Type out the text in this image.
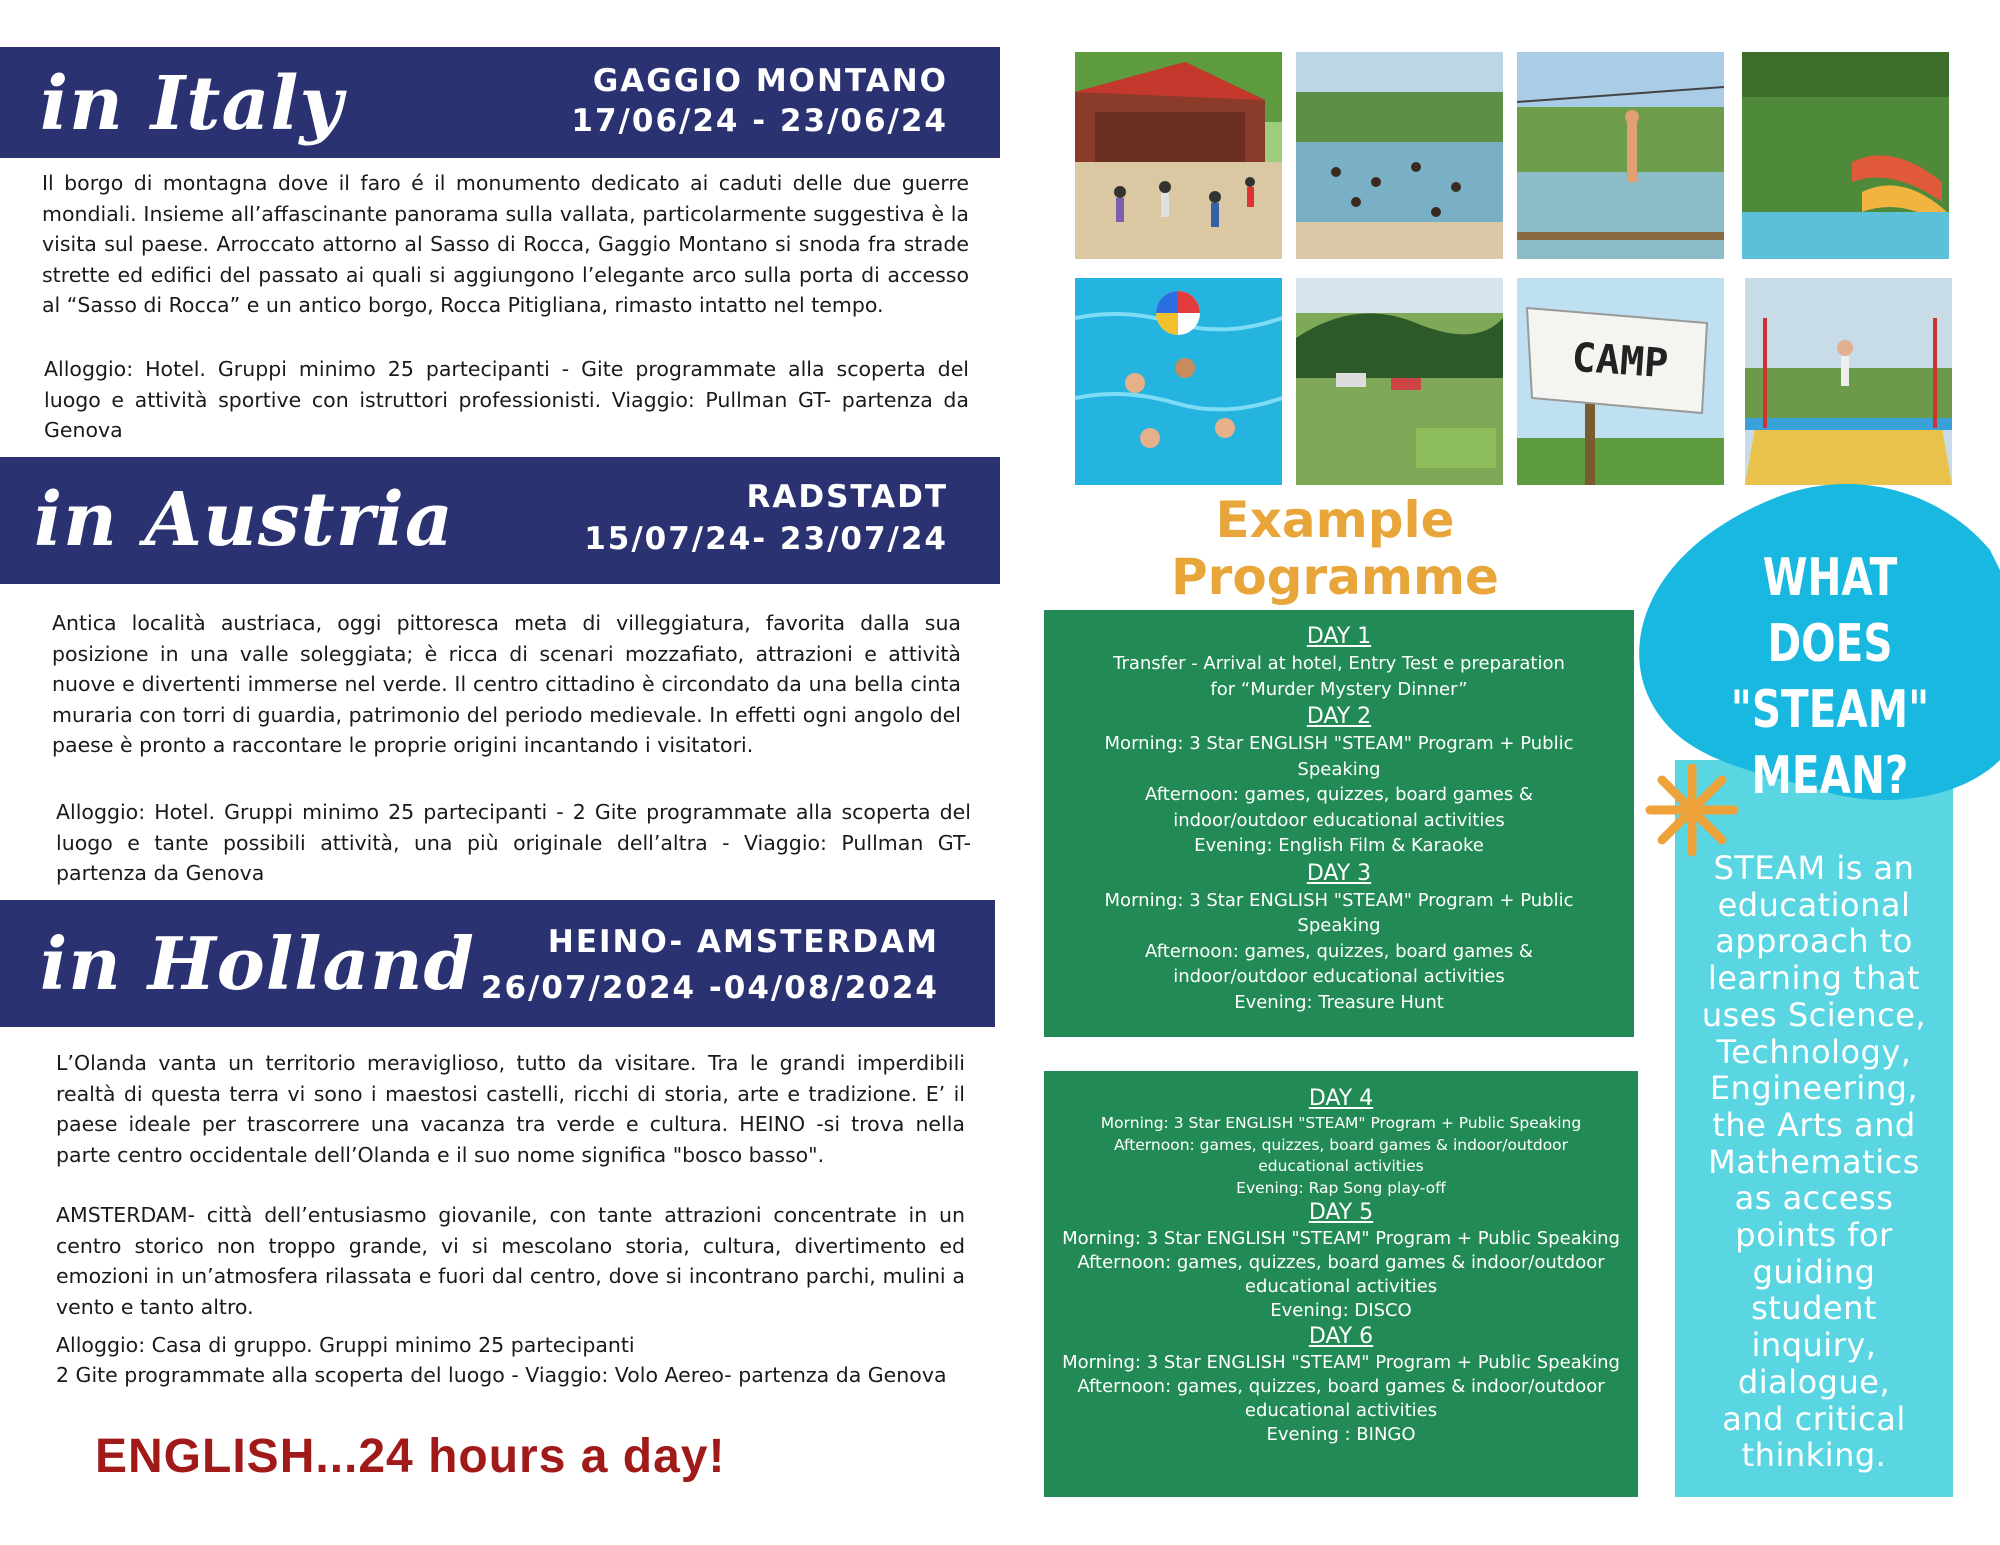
in Italy	GAGGIO MONTANO
17/06/24 - 23/06/24

Il borgo di montagna dove il faro é il monumento dedicato ai caduti delle due guerre mondiali. Insieme all’affascinante panorama sulla vallata, particolarmente suggestiva è la visita sul paese. Arroccato attorno al Sasso di Rocca, Gaggio Montano si snoda fra strade strette ed edifici del passato ai quali si aggiungono l’elegante arco sulla porta di accesso al “Sasso di Rocca” e un antico borgo, Rocca Pitigliana, rimasto intatto nel tempo.

Alloggio: Hotel. Gruppi minimo 25 partecipanti - Gite programmate alla scoperta del luogo e attività sportive con istruttori professionisti. Viaggio: Pullman GT- partenza da Genova

in Austria	RADSTADT
15/07/24- 23/07/24

Antica località austriaca, oggi pittoresca meta di villeggiatura, favorita dalla sua posizione in una valle soleggiata; è ricca di scenari mozzafiato, attrazioni e attività nuove e divertenti immerse nel verde. Il centro cittadino è circondato da una bella cinta muraria con torri di guardia, patrimonio del periodo medievale. In effetti ogni angolo del paese è pronto a raccontare le proprie origini incantando i visitatori.

Alloggio: Hotel. Gruppi minimo 25 partecipanti - 2 Gite programmate alla scoperta del luogo e tante possibili attività, una più originale dell’altra - Viaggio: Pullman GT- partenza da Genova

in Holland HEINO- AMSTERDAM
26/07/2024 -04/08/2024

L’Olanda vanta un territorio meraviglioso, tutto da visitare. Tra le grandi imperdibili realtà di questa terra vi sono i maestosi castelli, ricchi di storia, arte e tradizione. E’ il paese ideale per trascorrere una vacanza tra verde e cultura. HEINO -si trova nella parte centro occidentale dell’Olanda e il suo nome significa "bosco basso".

AMSTERDAM- città dell’entusiasmo giovanile, con tante attrazioni concentrate in un centro storico non troppo grande, vi si mescolano storia, cultura, divertimento ed emozioni in un’atmosfera rilassata e fuori dal centro, dove si incontrano parchi, mulini a vento e tanto altro.

Alloggio: Casa di gruppo. Gruppi minimo 25 partecipanti

2 Gite programmate alla scoperta del luogo - Viaggio: Volo Aereo- partenza da Genova

ENGLISH...24 hours a day!
CAMP
WHAT DOES
"STEAM"
MEAN?
STEAM is an
educational
approach to
learning that
uses Science,
Technology,
Engineering,
the Arts and
Mathematics
as access
points for
guiding
student
inquiry,
dialogue,
and critical
thinking.
Example
Programme
DAY 1
Transfer - Arrival at hotel, Entry Test e preparation
for “Murder Mystery Dinner”
DAY 2
Morning: 3 Star ENGLISH "STEAM" Program + Public
Speaking
Afternoon: games, quizzes, board games &
indoor/outdoor educational activities
Evening: English Film & Karaoke
DAY 3
Morning: 3 Star ENGLISH "STEAM" Program + Public
Speaking
Afternoon: games, quizzes, board games &
indoor/outdoor educational activities
Evening: Treasure Hunt
DAY 4
Morning: 3 Star ENGLISH "STEAM" Program + Public Speaking
Afternoon: games, quizzes, board games & indoor/outdoor
educational activities
Evening: Rap Song play-off
DAY 5
Morning: 3 Star ENGLISH "STEAM" Program + Public Speaking
Afternoon: games, quizzes, board games & indoor/outdoor
educational activities
Evening: DISCO
DAY 6
Morning: 3 Star ENGLISH "STEAM" Program + Public Speaking
Afternoon: games, quizzes, board games & indoor/outdoor
educational activities
Evening : BINGO
